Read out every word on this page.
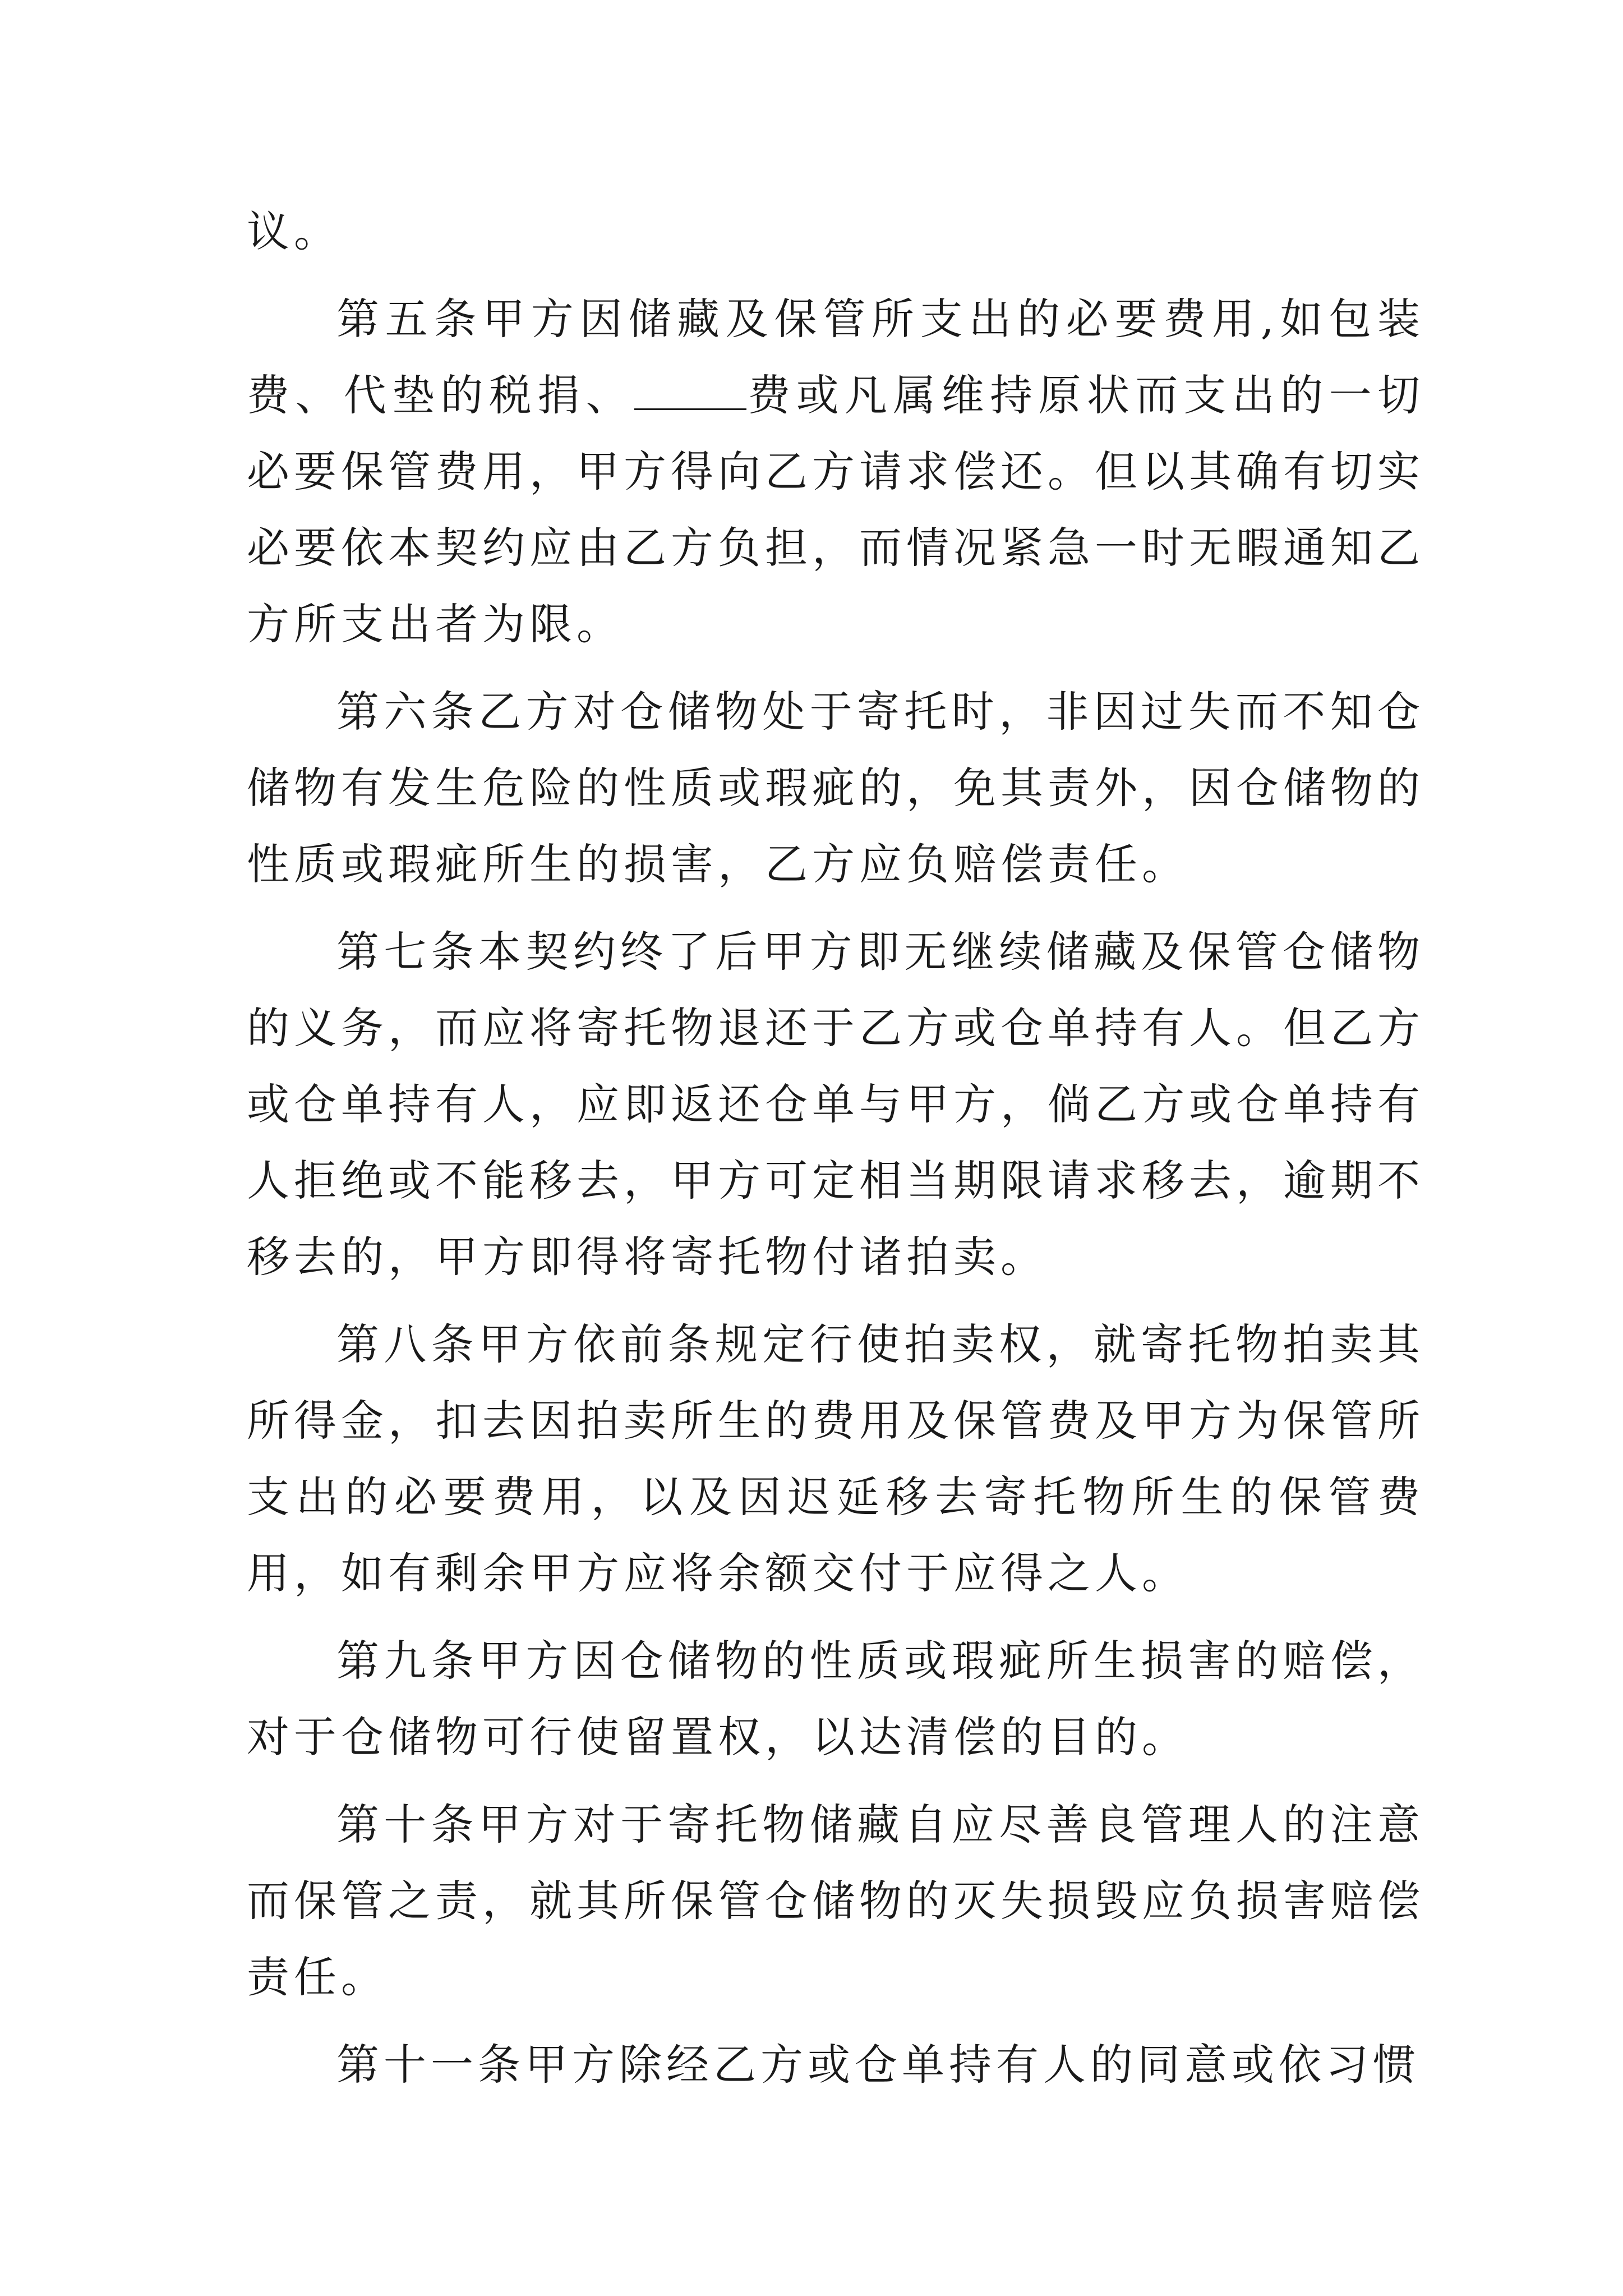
议。

第五条甲方因储藏及保管所支出的必要费用,如包装费、代垫的税捐、	费或凡属维持原状而支出的一切必要保管费用，甲方得向乙方请求偿还。但以其确有切实必要依本契约应由乙方负担，而情况紧急一时无暇通知乙方所支出者为限。

第六条乙方对仓储物处于寄托时，非因过失而不知仓储物有发生危险的性质或瑕疵的，免其责外，因仓储物的性质或瑕疵所生的损害，乙方应负赔偿责任。

第七条本契约终了后甲方即无继续储藏及保管仓储物的义务，而应将寄托物退还于乙方或仓单持有人。但乙方或仓单持有人，应即返还仓单与甲方，倘乙方或仓单持有人拒绝或不能移去，甲方可定相当期限请求移去，逾期不移去的，甲方即得将寄托物付诸拍卖。

第八条甲方依前条规定行使拍卖权，就寄托物拍卖其所得金，扣去因拍卖所生的费用及保管费及甲方为保管所支出的必要费用，以及因迟延移去寄托物所生的保管费用，如有剩余甲方应将余额交付于应得之人。

第九条甲方因仓储物的性质或瑕疵所生损害的赔偿，对于仓储物可行使留置权，以达清偿的目的。

第十条甲方对于寄托物储藏自应尽善良管理人的注意而保管之责，就其所保管仓储物的灭失损毁应负损害赔偿责任。

第十一条甲方除经乙方或仓单持有人的同意或依习惯
